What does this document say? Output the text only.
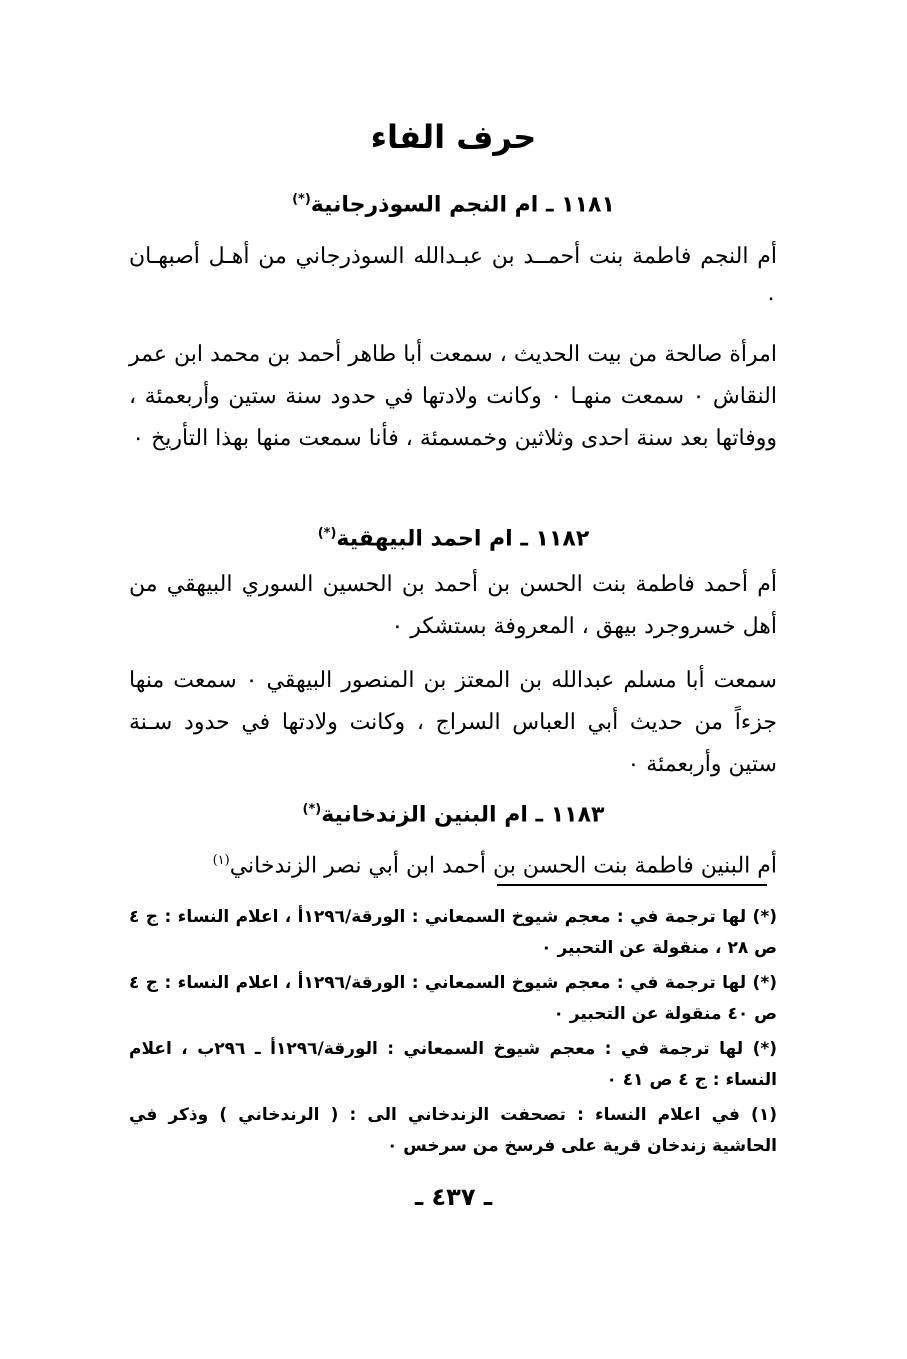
حرف الفاء
١١٨١ ـ ام النجم السوذرجانية(*)

أم النجم فاطمة بنت أحمــد بن عبـدالله السوذرجاني من أهـل أصبهـان ٠

امرأة صالحة من بيت الحديث ، سمعت أبا طاهر أحمد بن محمد ابن عمر النقاش ٠ سمعت منهـا ٠ وكانت ولادتها في حدود سنة ستين وأربعمئة ، ووفاتها بعد سنة احدى وثلاثين وخمسمئة ، فأنا سمعت منها بهذا التأريخ ٠

١١٨٢ ـ ام احمد البيهقية(*)

أم أحمد فاطمة بنت الحسن بن أحمد بن الحسين السوري البيهقي من أهل خسروجرد بيهق ، المعروفة بستشكر ٠

سمعت أبا مسلم عبدالله بن المعتز بن المنصور البيهقي ٠ سمعت منها جزءاً من حديث أبي العباس السراج ، وكانت ولادتها في حدود سـنة ستين وأربعمئة ٠

١١٨٣ ـ ام البنين الزندخانية(*)

أم البنين فاطمة بنت الحسن بن أحمد ابن أبي نصر الزندخاني$^{(١)}$

(*) لها ترجمة في : معجم شيوخ السمعاني : الورقة/١٢٩٦أ ، اعلام النساء : ج ٤ ص ٢٨ ، منقولة عن التحبير ٠

(*) لها ترجمة في : معجم شيوخ السمعاني : الورقة/١٢٩٦أ ، اعلام النساء : ج ٤ ص ٤٠ منقولة عن التحبير ٠

(*) لها ترجمة في : معجم شيوخ السمعاني : الورقة/١٢٩٦أ ـ ٢٩٦ب ، اعلام النساء : ج ٤ ص ٤١ ٠

(١) في اعلام النساء : تصحفت الزندخاني الى : ( الرندخاني ) وذكر في الحاشية زندخان قرية على فرسخ من سرخس ٠

ـ ٤٣٧ ـ
